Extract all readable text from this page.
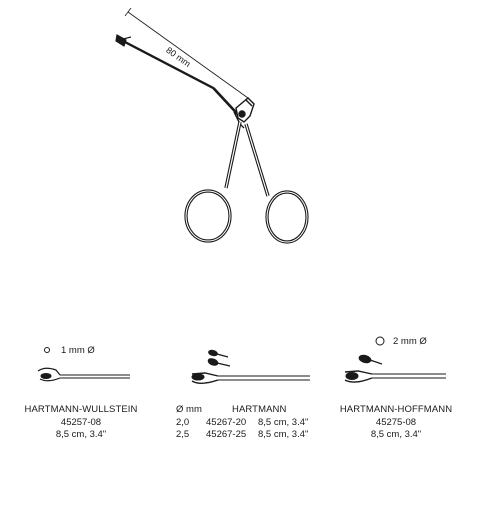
80 mm
1 mm Ø
HARTMANN-WULLSTEIN
45257-08
8,5 cm, 3.4"
Ø mm	HARTMANN
2,0 45267-20 8,5 cm, 3.4"
2,5 45267-25 8,5 cm, 3.4"
2 mm Ø
HARTMANN-HOFFMANN
45275-08
8,5 cm, 3.4"
